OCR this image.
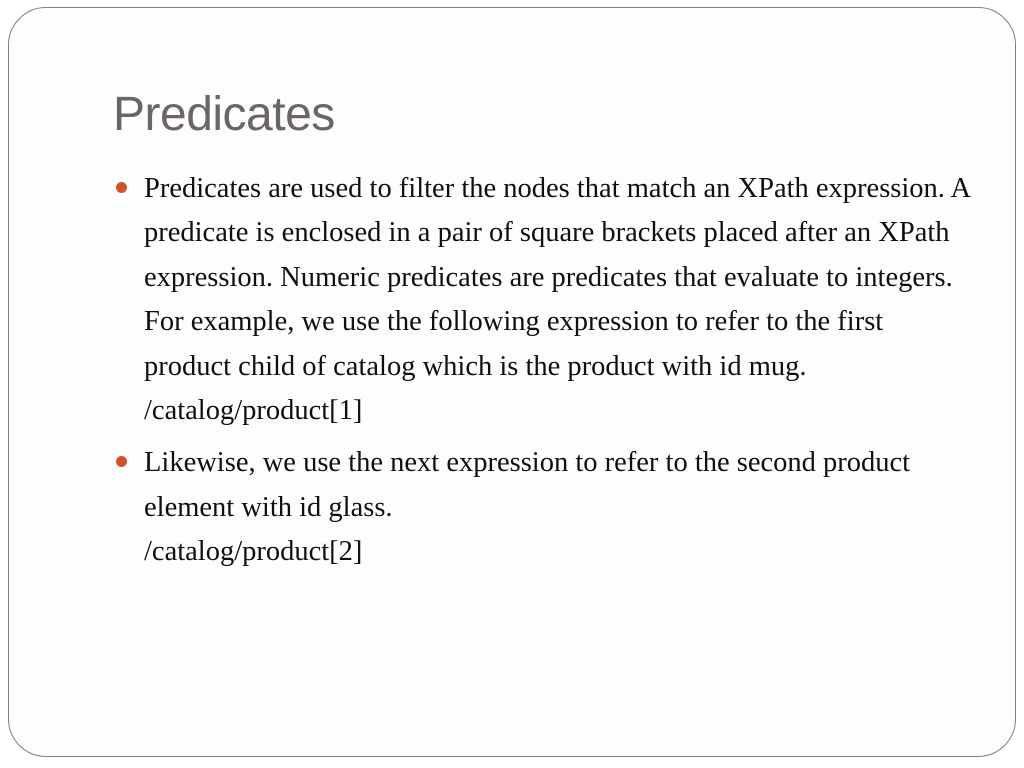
Predicates
Predicates are used to filter the nodes that match an XPath expression. A predicate is enclosed in a pair of square brackets placed after an XPath expression. Numeric predicates are predicates that evaluate to integers. For example, we use the following expression to refer to the first product child of catalog which is the product with id mug.
/catalog/product[1]
Likewise, we use the next expression to refer to the second product element with id glass.
/catalog/product[2]
